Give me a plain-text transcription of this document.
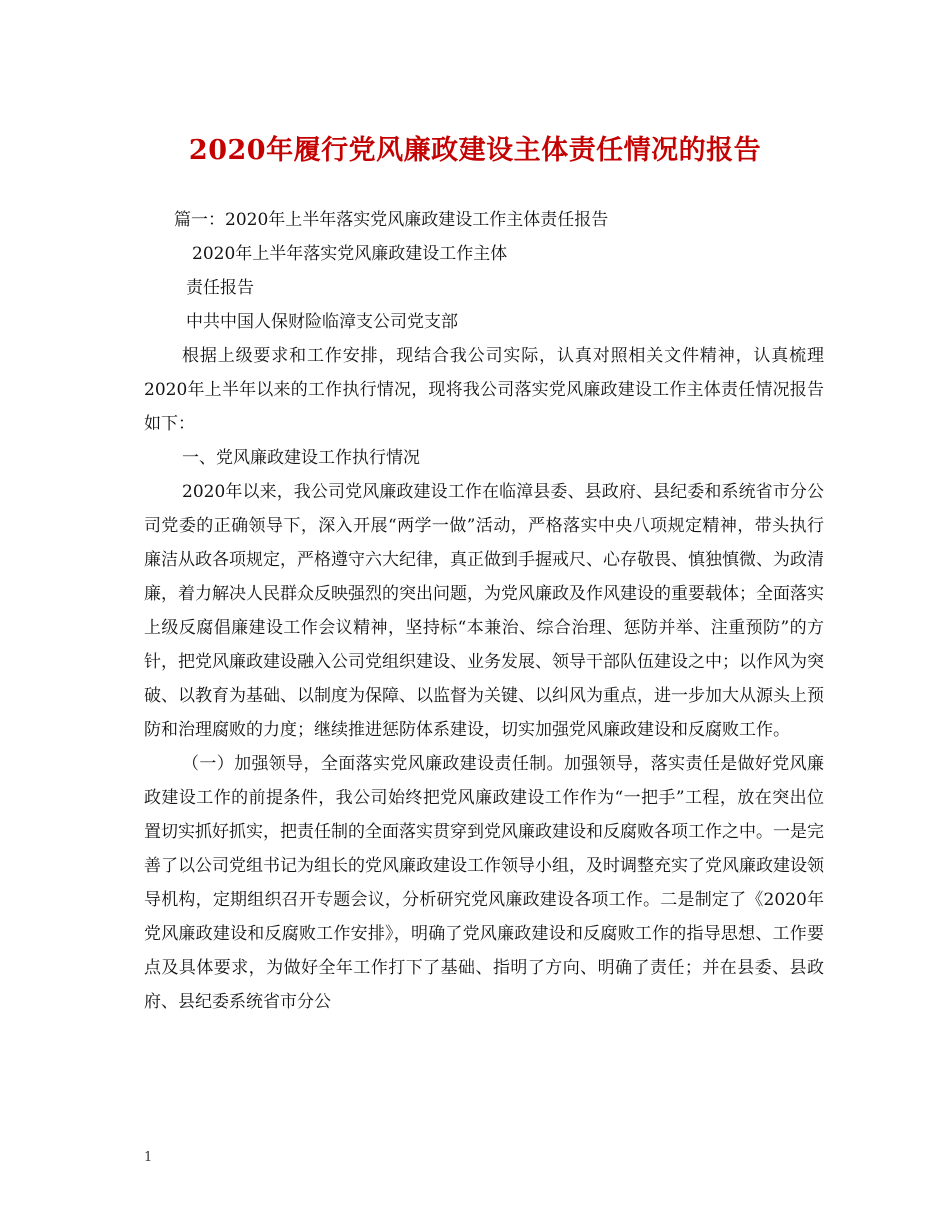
2020年履行党风廉政建设主体责任情况的报告

篇一：2020年上半年落实党风廉政建设工作主体责任报告

2020年上半年落实党风廉政建设工作主体

责任报告

中共中国人保财险临漳支公司党支部

根据上级要求和工作安排，现结合我公司实际，认真对照相关文件精神，认真梳理2020年上半年以来的工作执行情况，现将我公司落实党风廉政建设工作主体责任情况报告如下：

一、党风廉政建设工作执行情况

2020年以来，我公司党风廉政建设工作在临漳县委、县政府、县纪委和系统省市分公司党委的正确领导下，深入开展“两学一做”活动，严格落实中央八项规定精神，带头执行廉洁从政各项规定，严格遵守六大纪律，真正做到手握戒尺、心存敬畏、慎独慎微、为政清廉，着力解决人民群众反映强烈的突出问题，为党风廉政及作风建设的重要载体；全面落实上级反腐倡廉建设工作会议精神，坚持标“本兼治、综合治理、惩防并举、注重预防”的方针，把党风廉政建设融入公司党组织建设、业务发展、领导干部队伍建设之中；以作风为突破、以教育为基础、以制度为保障、以监督为关键、以纠风为重点，进一步加大从源头上预防和治理腐败的力度；继续推进惩防体系建设，切实加强党风廉政建设和反腐败工作。

（一）加强领导，全面落实党风廉政建设责任制。加强领导，落实责任是做好党风廉政建设工作的前提条件，我公司始终把党风廉政建设工作作为“一把手”工程，放在突出位置切实抓好抓实，把责任制的全面落实贯穿到党风廉政建设和反腐败各项工作之中。一是完善了以公司党组书记为组长的党风廉政建设工作领导小组，及时调整充实了党风廉政建设领导机构，定期组织召开专题会议，分析研究党风廉政建设各项工作。二是制定了《2020年党风廉政建设和反腐败工作安排》，明确了党风廉政建设和反腐败工作的指导思想、工作要点及具体要求，为做好全年工作打下了基础、指明了方向、明确了责任；并在县委、县政府、县纪委系统省市分公

1
